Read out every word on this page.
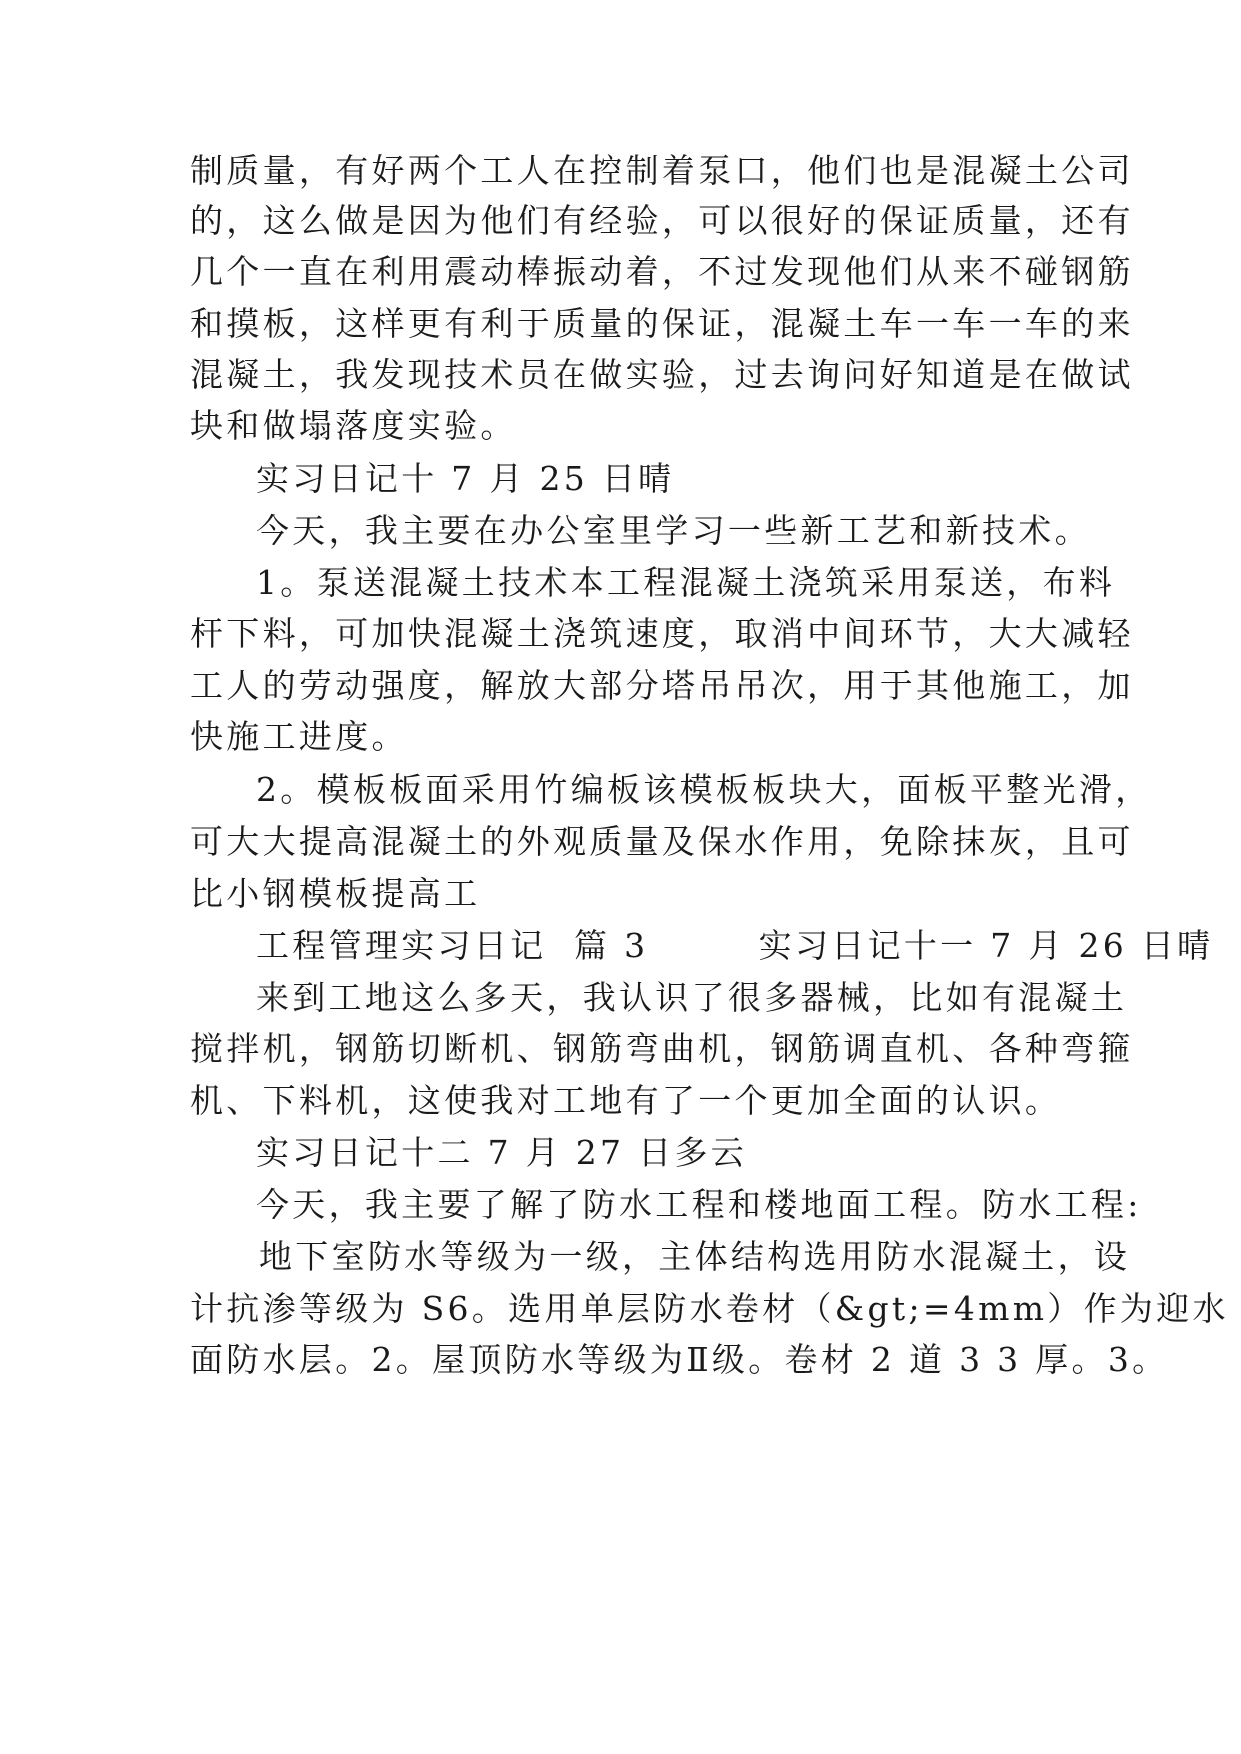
制质量，有好两个工人在控制着泵口，他们也是混凝土公司

的，这么做是因为他们有经验，可以很好的保证质量，还有

几个一直在利用震动棒振动着，不过发现他们从来不碰钢筋

和摸板，这样更有利于质量的保证，混凝土车一车一车的来

混凝土，我发现技术员在做实验，过去询问好知道是在做试

块和做塌落度实验。

实习日记十 7 月 25 日晴

今天，我主要在办公室里学习一些新工艺和新技术。

1。泵送混凝土技术本工程混凝土浇筑采用泵送，布料

杆下料，可加快混凝土浇筑速度，取消中间环节，大大减轻

工人的劳动强度，解放大部分塔吊吊次，用于其他施工，加

快施工进度。

2。模板板面采用竹编板该模板板块大，面板平整光滑，

可大大提高混凝土的外观质量及保水作用，免除抹灰，且可

比小钢模板提高工

工程管理实习日记  篇 3        实习日记十一 7 月 26 日晴

来到工地这么多天，我认识了很多器械，比如有混凝土

搅拌机，钢筋切断机、钢筋弯曲机，钢筋调直机、各种弯箍

机、下料机，这使我对工地有了一个更加全面的认识。

实习日记十二 7 月 27 日多云

今天，我主要了解了防水工程和楼地面工程。防水工程:

地下室防水等级为一级，主体结构选用防水混凝土，设

计抗渗等级为 S6。选用单层防水卷材（&gt;=4mm）作为迎水

面防水层。2。屋顶防水等级为Ⅱ级。卷材 2 道 3 3 厚。3。
